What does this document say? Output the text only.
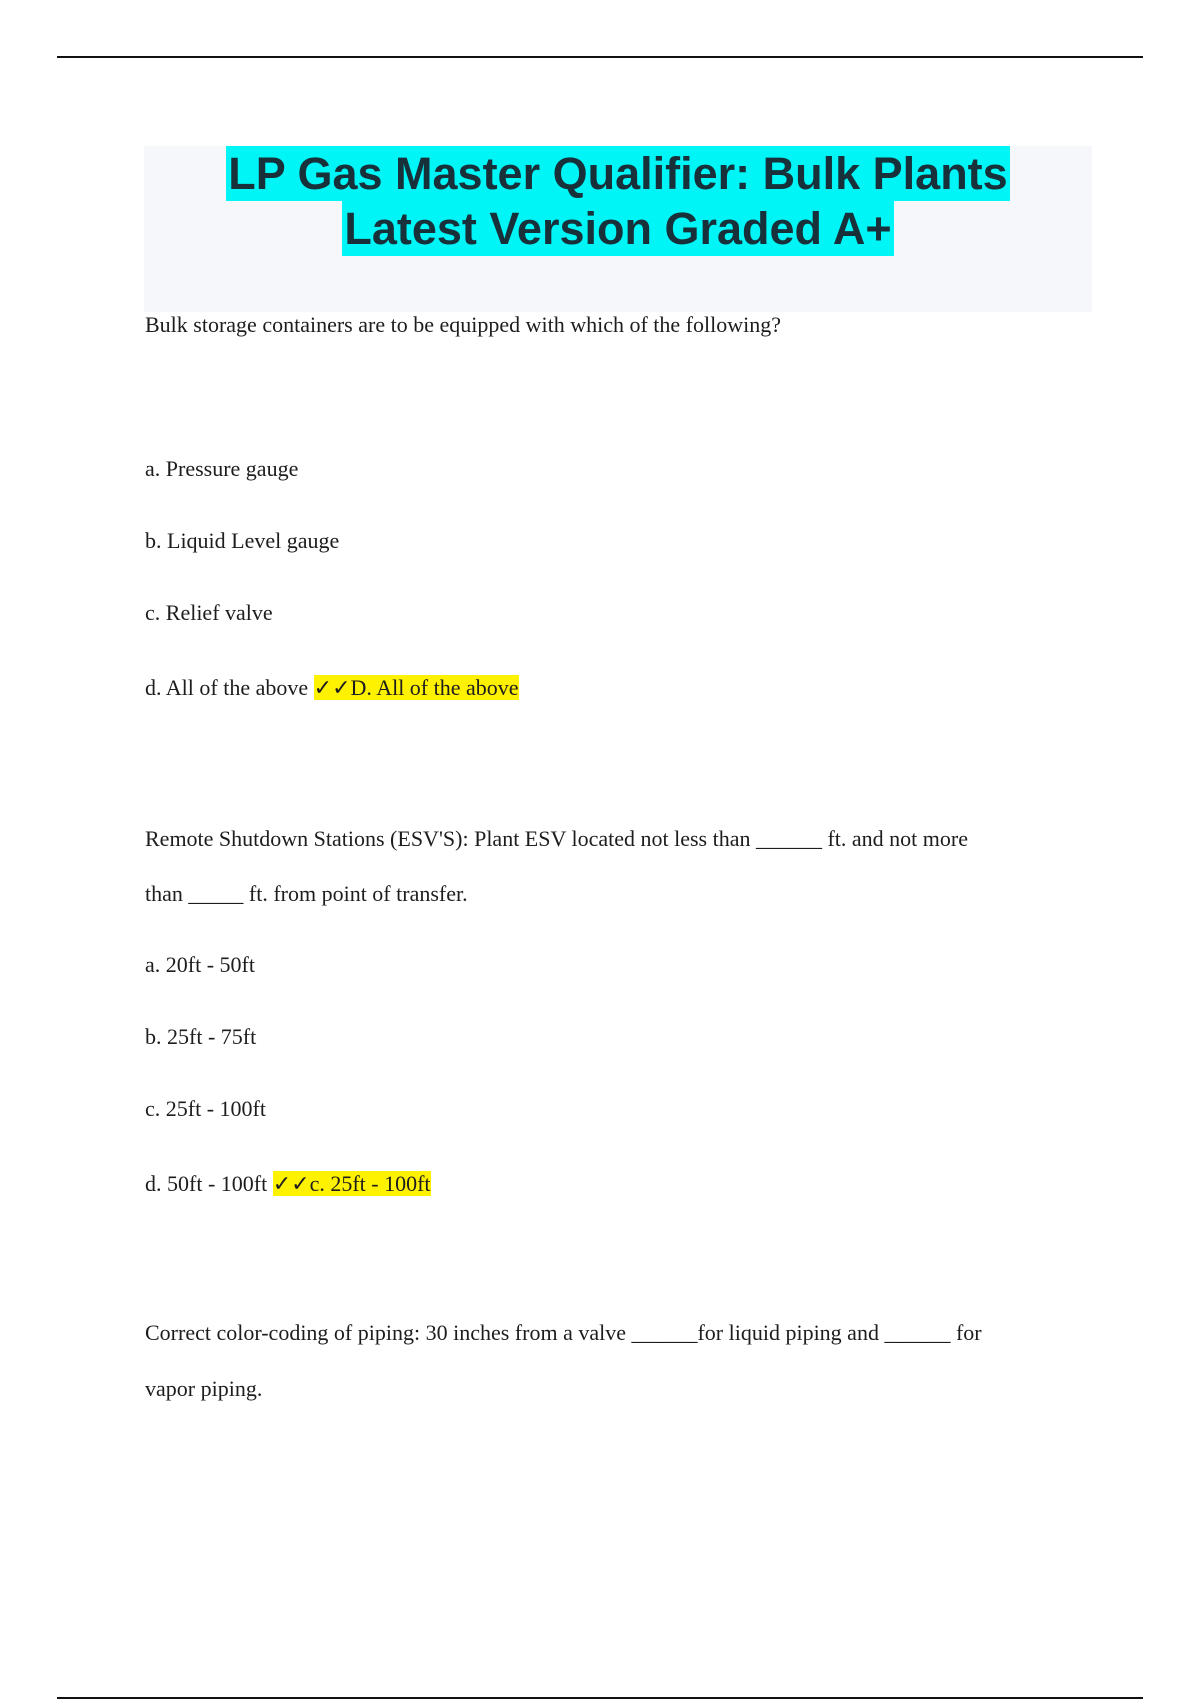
LP Gas Master Qualifier: Bulk Plants
Latest Version Graded A+
Bulk storage containers are to be equipped with which of the following?
a. Pressure gauge
b. Liquid Level gauge
c. Relief valve
d. All of the above ✓✓D. All of the above
Remote Shutdown Stations (ESV'S): Plant ESV located not less than ______ ft. and not more
than _____ ft. from point of transfer.
a. 20ft - 50ft
b. 25ft - 75ft
c. 25ft - 100ft
d. 50ft - 100ft ✓✓c. 25ft - 100ft
Correct color-coding of piping: 30 inches from a valve ______for liquid piping and ______ for
vapor piping.
